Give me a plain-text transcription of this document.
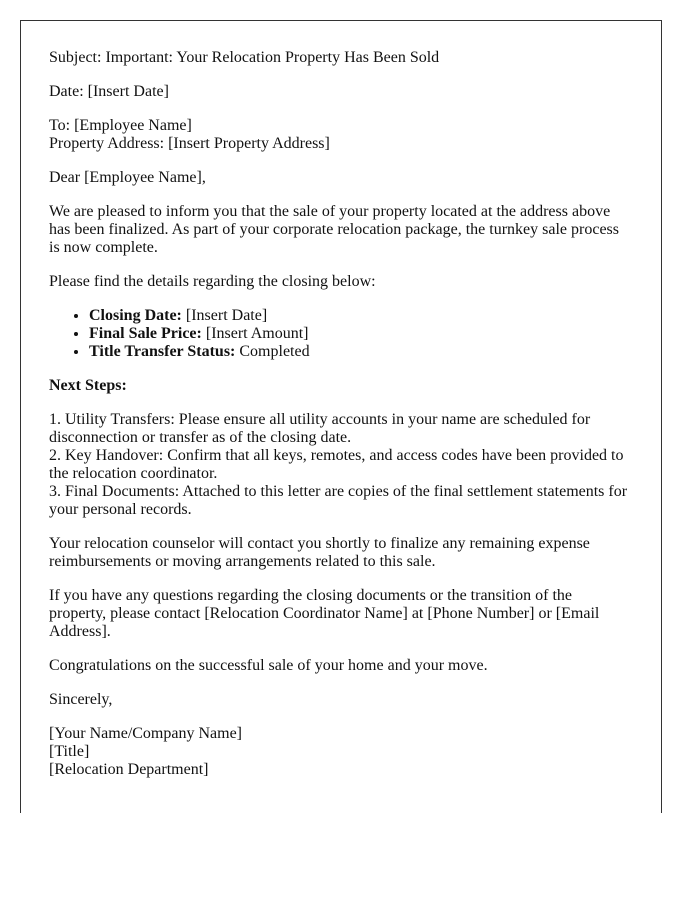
Subject: Important: Your Relocation Property Has Been Sold

Date: [Insert Date]

To: [Employee Name]
Property Address: [Insert Property Address]

Dear [Employee Name],

We are pleased to inform you that the sale of your property located at the address above has been finalized. As part of your corporate relocation package, the turnkey sale process is now complete.

Please find the details regarding the closing below:

• Closing Date: [Insert Date]
• Final Sale Price: [Insert Amount]
• Title Transfer Status: Completed

Next Steps:

1. Utility Transfers: Please ensure all utility accounts in your name are scheduled for disconnection or transfer as of the closing date.
2. Key Handover: Confirm that all keys, remotes, and access codes have been provided to the relocation coordinator.
3. Final Documents: Attached to this letter are copies of the final settlement statements for your personal records.

Your relocation counselor will contact you shortly to finalize any remaining expense reimbursements or moving arrangements related to this sale.

If you have any questions regarding the closing documents or the transition of the property, please contact [Relocation Coordinator Name] at [Phone Number] or [Email Address].

Congratulations on the successful sale of your home and your move.

Sincerely,

[Your Name/Company Name]
[Title]
[Relocation Department]
